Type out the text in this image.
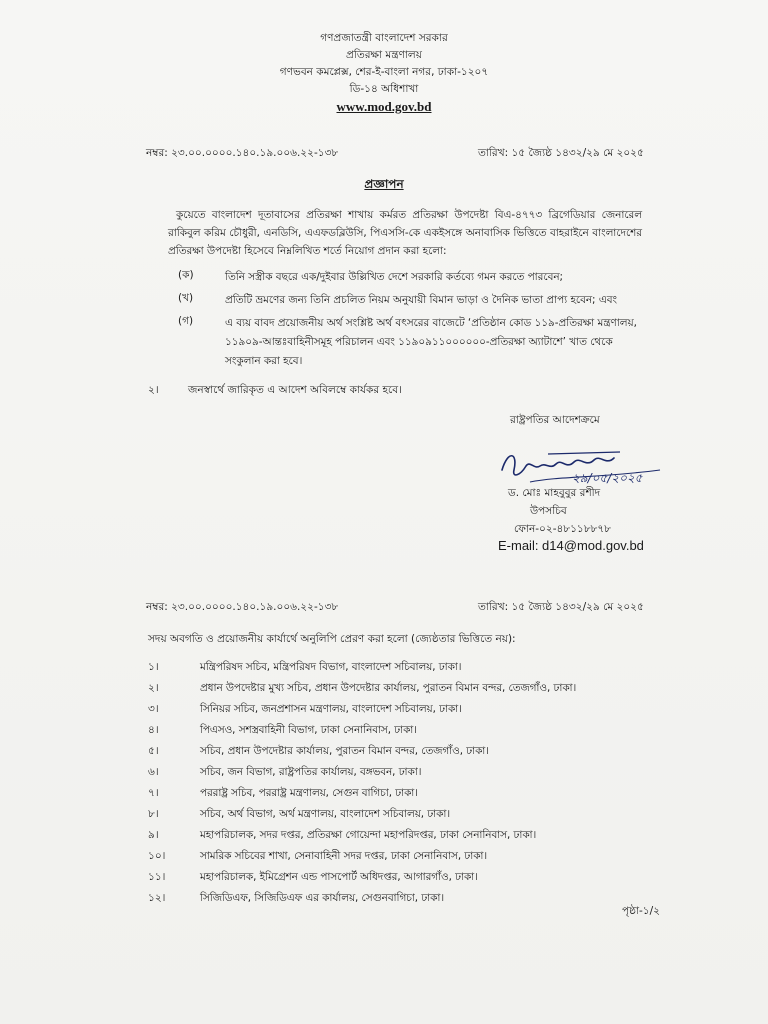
গণপ্রজাতন্ত্রী বাংলাদেশ সরকার
প্রতিরক্ষা মন্ত্রণালয়
গণভবন কমপ্লেক্স, শের-ই-বাংলা নগর, ঢাকা-১২০৭
ডি-১৪ অধিশাখা
www.mod.gov.bd
নম্বর: ২৩.০০.০০০০.১৪০.১৯.০০৬.২২-১৩৮	তারিখ: ১৫ জ্যৈষ্ঠ ১৪৩২/২৯ মে ২০২৫
প্রজ্ঞাপন
কুয়েতে বাংলাদেশ দূতাবাসের প্রতিরক্ষা শাখায় কর্মরত প্রতিরক্ষা উপদেষ্টা বিএ-৪৭৭৩ ব্রিগেডিয়ার জেনারেল রাকিবুল করিম চৌধুরী, এনডিসি, এএফডব্লিউসি, পিএসসি-কে একইসঙ্গে অনাবাসিক ভিত্তিতে বাহরাইনে বাংলাদেশের প্রতিরক্ষা উপদেষ্টা হিসেবে নিম্নলিখিত শর্তে নিয়োগ প্রদান করা হলো:
(ক)	তিনি সস্ত্রীক বছরে এক/দুইবার উল্লিখিত দেশে সরকারি কর্তব্যে গমন করতে পারবেন;
(খ)	প্রতিটি ভ্রমণের জন্য তিনি প্রচলিত নিয়ম অনুযায়ী বিমান ভাড়া ও দৈনিক ভাতা প্রাপ্য হবেন; এবং
(গ)	এ ব্যয় বাবদ প্রয়োজনীয় অর্থ সংশ্লিষ্ট অর্থ বৎসরের বাজেটে ‘প্রতিষ্ঠান কোড ১১৯-প্রতিরক্ষা মন্ত্রণালয়, ১১৯০৯-আন্তঃবাহিনীসমূহ পরিচালন এবং ১১৯০৯১১০০০০০০-প্রতিরক্ষা অ্যাটাশে’ খাত থেকে সংকুলান করা হবে।
২।	জনস্বার্থে জারিকৃত এ আদেশ অবিলম্বে কার্যকর হবে।
রাষ্ট্রপতির আদেশক্রমে
২৯/০৫/২০২৫
ড. মোঃ মাহবুবুর রশীদ
উপসচিব
ফোন-০২-৪৮১১৮৮৭৮
E-mail: d14@mod.gov.bd
নম্বর: ২৩.০০.০০০০.১৪০.১৯.০০৬.২২-১৩৮	তারিখ: ১৫ জ্যৈষ্ঠ ১৪৩২/২৯ মে ২০২৫
সদয় অবগতি ও প্রয়োজনীয় কার্যার্থে অনুলিপি প্রেরণ করা হলো (জ্যেষ্ঠতার ভিত্তিতে নয়):
১।	মন্ত্রিপরিষদ সচিব, মন্ত্রিপরিষদ বিভাগ, বাংলাদেশ সচিবালয়, ঢাকা।
২।	প্রধান উপদেষ্টার মুখ্য সচিব, প্রধান উপদেষ্টার কার্যালয়, পুরাতন বিমান বন্দর, তেজগাঁও, ঢাকা।
৩।	সিনিয়র সচিব, জনপ্রশাসন মন্ত্রণালয়, বাংলাদেশ সচিবালয়, ঢাকা।
৪।	পিএসও, সশস্ত্রবাহিনী বিভাগ, ঢাকা সেনানিবাস, ঢাকা।
৫।	সচিব, প্রধান উপদেষ্টার কার্যালয়, পুরাতন বিমান বন্দর, তেজগাঁও, ঢাকা।
৬।	সচিব, জন বিভাগ, রাষ্ট্রপতির কার্যালয়, বঙ্গভবন, ঢাকা।
৭।	পররাষ্ট্র সচিব, পররাষ্ট্র মন্ত্রণালয়, সেগুন বাগিচা, ঢাকা।
৮।	সচিব, অর্থ বিভাগ, অর্থ মন্ত্রণালয়, বাংলাদেশ সচিবালয়, ঢাকা।
৯।	মহাপরিচালক, সদর দপ্তর, প্রতিরক্ষা গোয়েন্দা মহাপরিদপ্তর, ঢাকা সেনানিবাস, ঢাকা।
১০।	সামরিক সচিবের শাখা, সেনাবাহিনী সদর দপ্তর, ঢাকা সেনানিবাস, ঢাকা।
১১।	মহাপরিচালক, ইমিগ্রেশন এন্ড পাসপোর্ট অধিদপ্তর, আগারগাঁও, ঢাকা।
১২।	সিজিডিএফ, সিজিডিএফ এর কার্যালয়, সেগুনবাগিচা, ঢাকা।
পৃষ্ঠা-১/২
